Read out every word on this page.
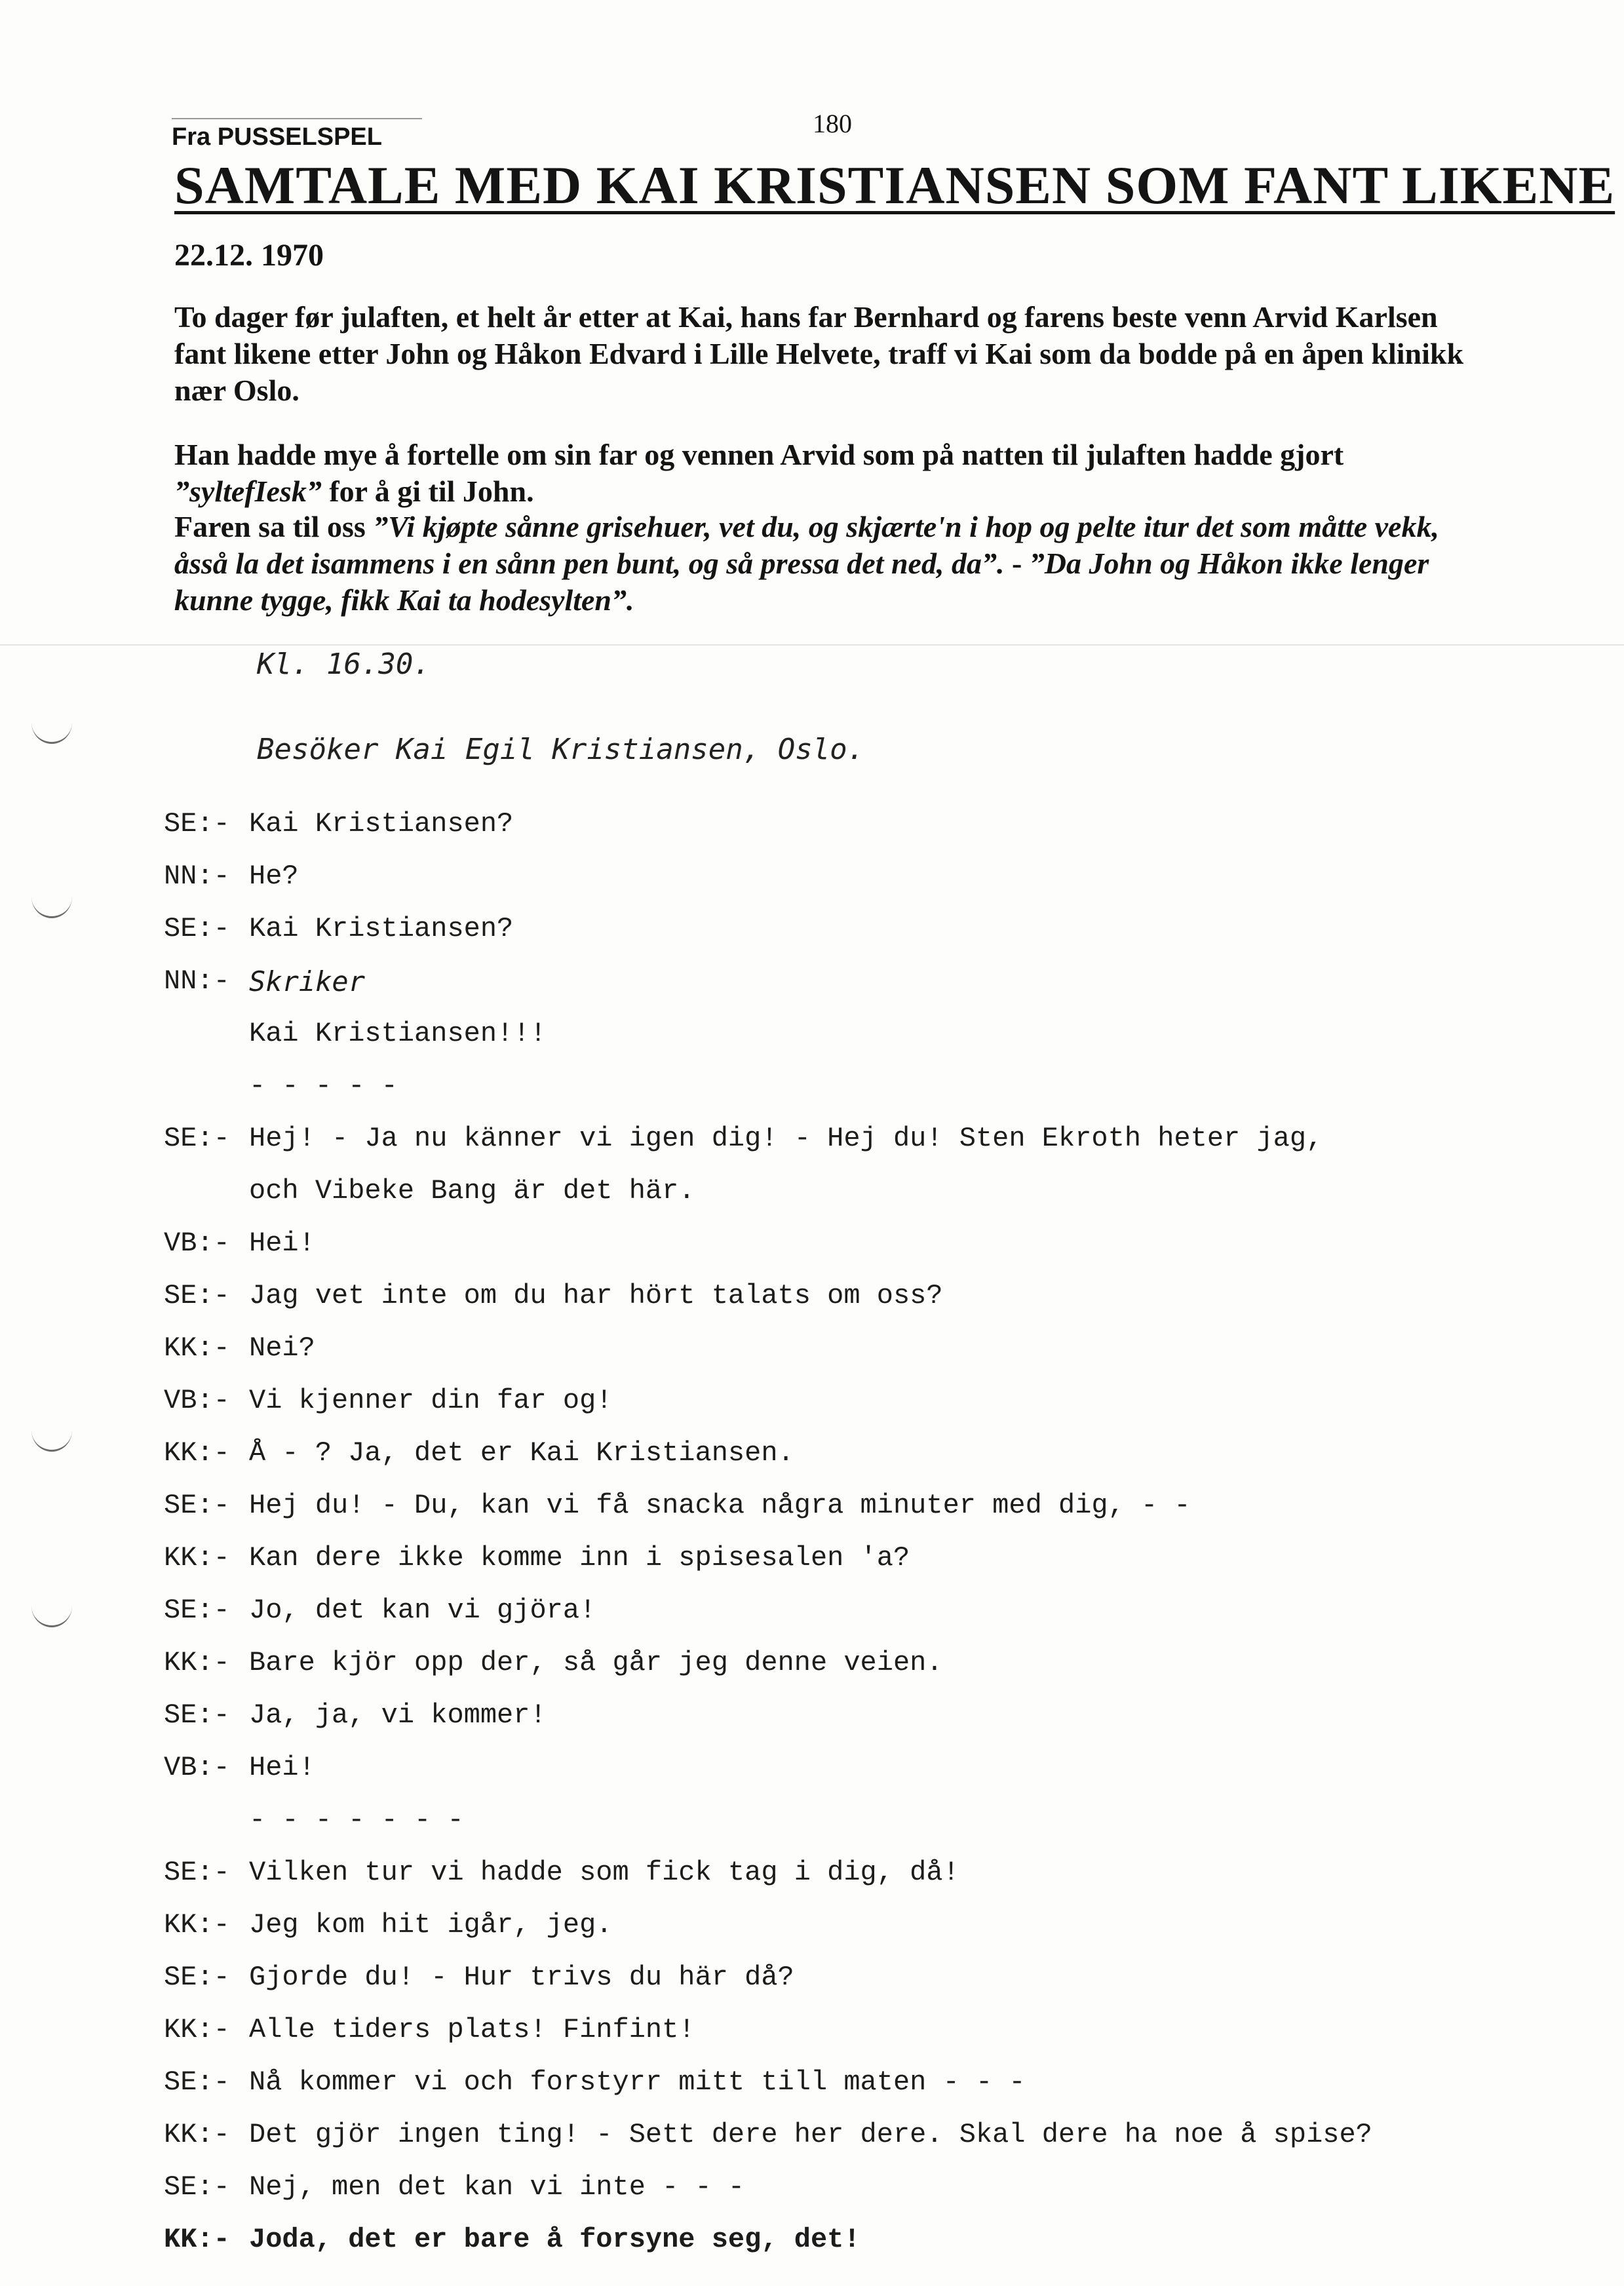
Fra PUSSELSPEL	180
SAMTALE MED KAI KRISTIANSEN SOM FANT LIKENE
22.12. 1970
To dager før julaften, et helt år etter at Kai, hans far Bernhard og farens beste venn Arvid Karlsen fant likene etter John og Håkon Edvard i Lille Helvete, traff vi Kai som da bodde på en åpen klinikk nær Oslo.
Han hadde mye å fortelle om sin far og vennen Arvid som på natten til julaften hadde gjort ”syltefIesk” for å gi til John.
Faren sa til oss ”Vi kjøpte sånne grisehuer, vet du, og skjærte'n i hop og pelte itur det som måtte vekk, åsså la det isammens i en sånn pen bunt, og så pressa det ned, da”. - ”Da John og Håkon ikke lenger kunne tygge, fikk Kai ta hodesylten”.
Kl. 16.30.
Besöker Kai Egil Kristiansen, Oslo.
SE:- Kai Kristiansen?
NN:- He?
SE:- Kai Kristiansen?
NN:- Skriker
Kai Kristiansen!!!
- - - - -
SE:- Hej! - Ja nu känner vi igen dig! - Hej du! Sten Ekroth heter jag,
och Vibeke Bang är det här.
VB:- Hei!
SE:- Jag vet inte om du har hört talats om oss?
KK:- Nei?
VB:- Vi kjenner din far og!
KK:- Å - ? Ja, det er Kai Kristiansen.
SE:- Hej du! - Du, kan vi få snacka några minuter med dig, - -
KK:- Kan dere ikke komme inn i spisesalen 'a?
SE:- Jo, det kan vi gjöra!
KK:- Bare kjör opp der, så går jeg denne veien.
SE:- Ja, ja, vi kommer!
VB:- Hei!
- - - - - - -
SE:- Vilken tur vi hadde som fick tag i dig, då!
KK:- Jeg kom hit igår, jeg.
SE:- Gjorde du! - Hur trivs du här då?
KK:- Alle tiders plats! Finfint!
SE:- Nå kommer vi och forstyrr mitt till maten - - -
KK:- Det gjör ingen ting! - Sett dere her dere. Skal dere ha noe å spise?
SE:- Nej, men det kan vi inte - - -
KK:- Joda, det er bare å forsyne seg, det!
